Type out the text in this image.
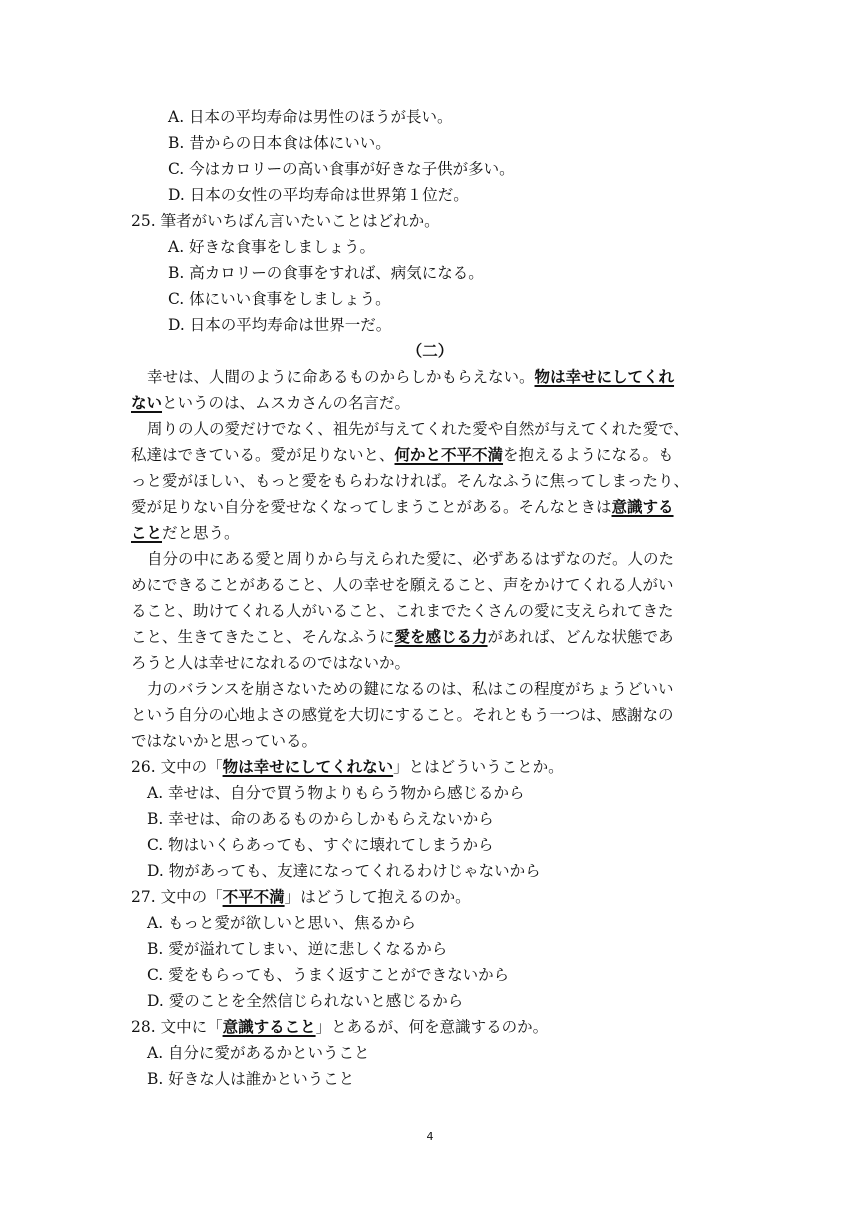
A. 日本の平均寿命は男性のほうが長い。
B. 昔からの日本食は体にいい。
C. 今はカロリーの高い食事が好きな子供が多い。
D. 日本の女性の平均寿命は世界第１位だ。
25. 筆者がいちばん言いたいことはどれか。
A. 好きな食事をしましょう。
B. 高カロリーの食事をすれば、病気になる。
C. 体にいい食事をしましょう。
D. 日本の平均寿命は世界一だ。
（二）
幸せは、人間のように命あるものからしかもらえない。物は幸せにしてくれ
ないというのは、ムスカさんの名言だ。
周りの人の愛だけでなく、祖先が与えてくれた愛や自然が与えてくれた愛で、
私達はできている。愛が足りないと、何かと不平不満を抱えるようになる。も
っと愛がほしい、もっと愛をもらわなければ。そんなふうに焦ってしまったり、
愛が足りない自分を愛せなくなってしまうことがある。そんなときは意識する
ことだと思う。
自分の中にある愛と周りから与えられた愛に、必ずあるはずなのだ。人のた
めにできることがあること、人の幸せを願えること、声をかけてくれる人がい
ること、助けてくれる人がいること、これまでたくさんの愛に支えられてきた
こと、生きてきたこと、そんなふうに愛を感じる力があれば、どんな状態であ
ろうと人は幸せになれるのではないか。
力のバランスを崩さないための鍵になるのは、私はこの程度がちょうどいい
という自分の心地よさの感覚を大切にすること。それともう一つは、感謝なの
ではないかと思っている。
26. 文中の「物は幸せにしてくれない」とはどういうことか。
A. 幸せは、自分で買う物よりもらう物から感じるから
B. 幸せは、命のあるものからしかもらえないから
C. 物はいくらあっても、すぐに壊れてしまうから
D. 物があっても、友達になってくれるわけじゃないから
27. 文中の「不平不満」はどうして抱えるのか。
A. もっと愛が欲しいと思い、焦るから
B. 愛が溢れてしまい、逆に悲しくなるから
C. 愛をもらっても、うまく返すことができないから
D. 愛のことを全然信じられないと感じるから
28. 文中に「意識すること」とあるが、何を意識するのか。
A. 自分に愛があるかということ
B. 好きな人は誰かということ
4
